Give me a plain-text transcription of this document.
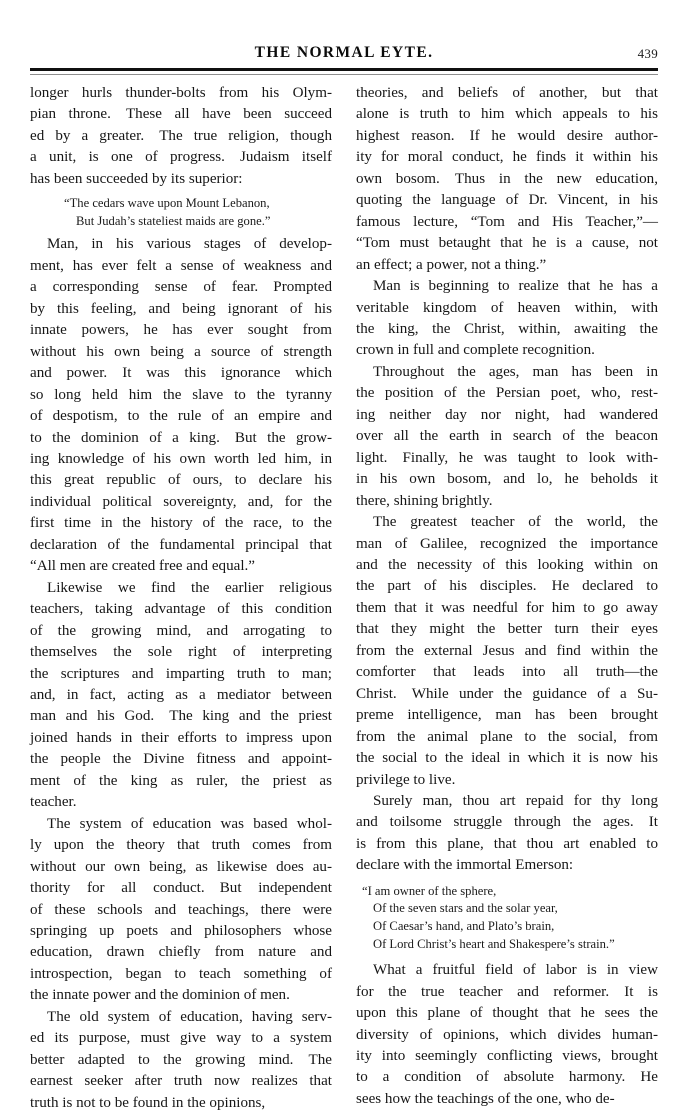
THE NORMAL EYTE.	439
longer hurls thunder-bolts from his Olym-
pian throne. These all have been succeed
ed by a greater. The true religion, though
a unit, is one of progress. Judaism itself
has been succeeded by its superior:
“The cedars wave upon Mount Lebanon,
But Judah’s stateliest maids are gone.”
Man, in his various stages of develop-
ment, has ever felt a sense of weakness and
a corresponding sense of fear. Prompted
by this feeling, and being ignorant of his
innate powers, he has ever sought from
without his own being a source of strength
and power. It was this ignorance which
so long held him the slave to the tyranny
of despotism, to the rule of an empire and
to the dominion of a king. But the grow-
ing knowledge of his own worth led him, in
this great republic of ours, to declare his
individual political sovereignty, and, for the
first time in the history of the race, to the
declaration of the fundamental principal that
“All men are created free and equal.”
Likewise we find the earlier religious
teachers, taking advantage of this condition
of the growing mind, and arrogating to
themselves the sole right of interpreting
the scriptures and imparting truth to man;
and, in fact, acting as a mediator between
man and his God. The king and the priest
joined hands in their efforts to impress upon
the people the Divine fitness and appoint-
ment of the king as ruler, the priest as
teacher.
The system of education was based whol-
ly upon the theory that truth comes from
without our own being, as likewise does au-
thority for all conduct. But independent
of these schools and teachings, there were
springing up poets and philosophers whose
education, drawn chiefly from nature and
introspection, began to teach something of
the innate power and the dominion of men.
The old system of education, having serv-
ed its purpose, must give way to a system
better adapted to the growing mind. The
earnest seeker after truth now realizes that
truth is not to be found in the opinions,
theories, and beliefs of another, but that
alone is truth to him which appeals to his
highest reason. If he would desire author-
ity for moral conduct, he finds it within his
own bosom. Thus in the new education,
quoting the language of Dr. Vincent, in his
famous lecture, “Tom and His Teacher,”—
“Tom must betaught that he is a cause, not
an effect; a power, not a thing.”
Man is beginning to realize that he has a
veritable kingdom of heaven within, with
the king, the Christ, within, awaiting the
crown in full and complete recognition.
Throughout the ages, man has been in
the position of the Persian poet, who, rest-
ing neither day nor night, had wandered
over all the earth in search of the beacon
light. Finally, he was taught to look with-
in his own bosom, and lo, he beholds it
there, shining brightly.
The greatest teacher of the world, the
man of Galilee, recognized the importance
and the necessity of this looking within on
the part of his disciples. He declared to
them that it was needful for him to go away
that they might the better turn their eyes
from the external Jesus and find within the
comforter that leads into all truth—the
Christ. While under the guidance of a Su-
preme intelligence, man has been brought
from the animal plane to the social, from
the social to the ideal in which it is now his
privilege to live.
Surely man, thou art repaid for thy long
and toilsome struggle through the ages. It
is from this plane, that thou art enabled to
declare with the immortal Emerson:
“I am owner of the sphere,
Of the seven stars and the solar year,
Of Caesar’s hand, and Plato’s brain,
Of Lord Christ’s heart and Shakespere’s strain.”
What a fruitful field of labor is in view
for the true teacher and reformer. It is
upon this plane of thought that he sees the
diversity of opinions, which divides human-
ity into seemingly conflicting views, brought
to a condition of absolute harmony. He
sees how the teachings of the one, who de-
